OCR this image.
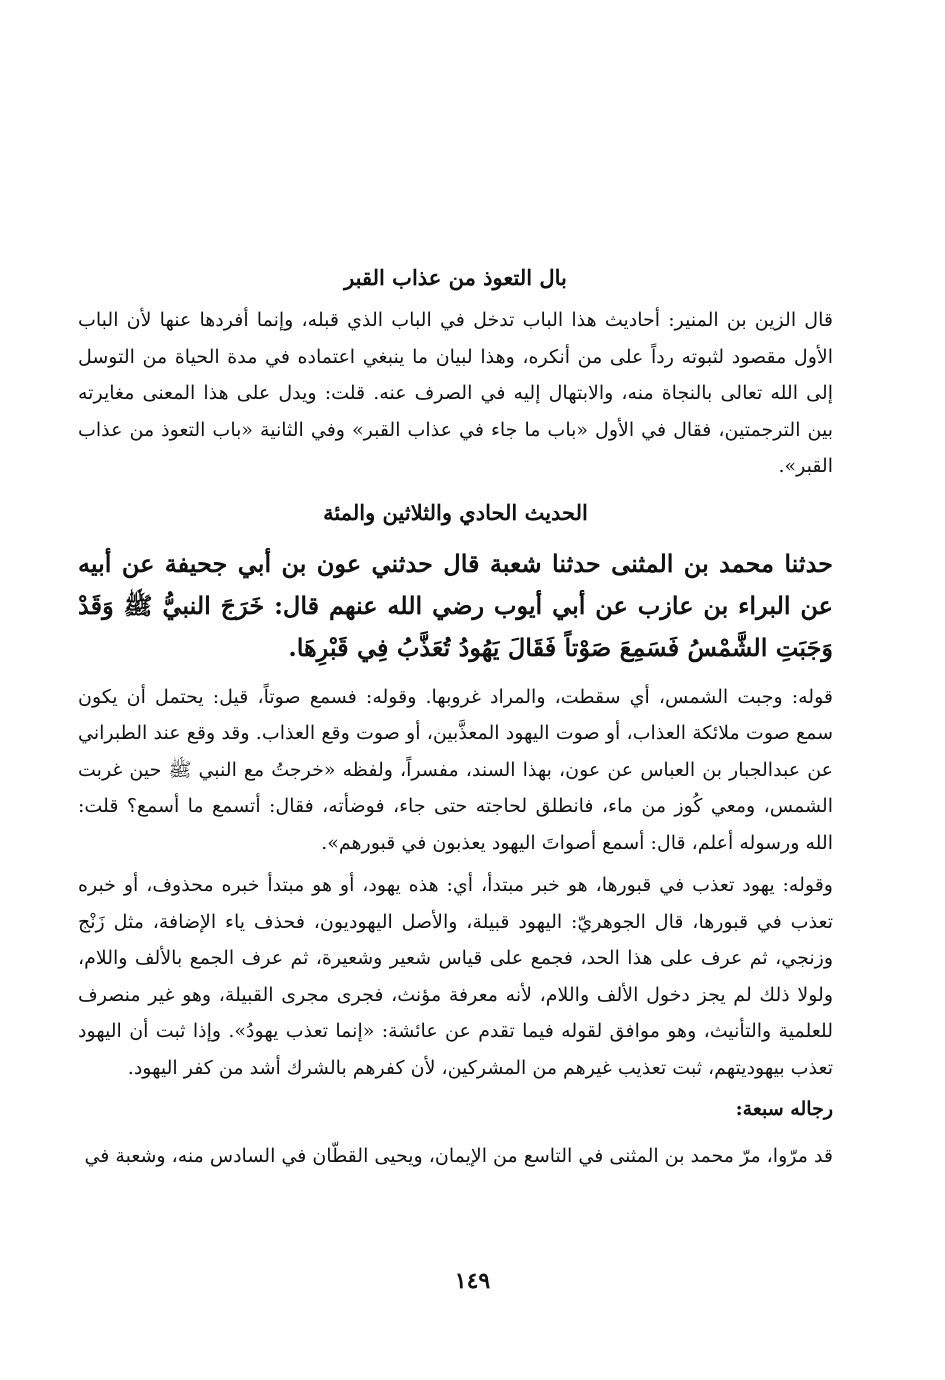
بال التعوذ من عذاب القبر

قال الزين بن المنير: أحاديث هذا الباب تدخل في الباب الذي قبله، وإنما أفردها عنها لأن الباب الأول مقصود لثبوته رداً على من أنكره، وهذا لبيان ما ينبغي اعتماده في مدة الحياة من التوسل إلى الله تعالى بالنجاة منه، والابتهال إليه في الصرف عنه. قلت: ويدل على هذا المعنى مغايرته بين الترجمتين، فقال في الأول «باب ما جاء في عذاب القبر» وفي الثانية «باب التعوذ من عذاب القبر».

الحديث الحادي والثلاثين والمئة

حدثنا محمد بن المثنى حدثنا شعبة قال حدثني عون بن أبي جحيفة عن أبيه عن البراء بن عازب عن أبي أيوب رضي الله عنهم قال: خَرَجَ النبيُّ ﷺ وَقَدْ وَجَبَتِ الشَّمْسُ فَسَمِعَ صَوْتاً فَقَالَ يَهُودُ تُعَذَّبُ فِي قَبْرِهَا.

قوله: وجبت الشمس، أي سقطت، والمراد غروبها. وقوله: فسمع صوتاً، قيل: يحتمل أن يكون سمع صوت ملائكة العذاب، أو صوت اليهود المعذَّبين، أو صوت وقع العذاب. وقد وقع عند الطبراني عن عبدالجبار بن العباس عن عون، بهذا السند، مفسراً، ولفظه «خرجتُ مع النبي ﷺ حين غربت الشمس، ومعي كُوز من ماء، فانطلق لحاجته حتى جاء، فوضأته، فقال: أتسمع ما أسمع؟ قلت: الله ورسوله أعلم، قال: أسمع أصواتَ اليهود يعذبون في قبورهم».

وقوله: يهود تعذب في قبورها، هو خبر مبتدأ، أي: هذه يهود، أو هو مبتدأ خبره محذوف، أو خبره تعذب في قبورها، قال الجوهريّ: اليهود قبيلة، والأصل اليهوديون، فحذف ياء الإضافة، مثل زَنْج وزنجي، ثم عرف على هذا الحد، فجمع على قياس شعير وشعيرة، ثم عرف الجمع بالألف واللام، ولولا ذلك لم يجز دخول الألف واللام، لأنه معرفة مؤنث، فجرى مجرى القبيلة، وهو غير منصرف للعلمية والتأنيث، وهو موافق لقوله فيما تقدم عن عائشة: «إنما تعذب يهودُ». وإذا ثبت أن اليهود تعذب بيهوديتهم، ثبت تعذيب غيرهم من المشركين، لأن كفرهم بالشرك أشد من كفر اليهود.

رجاله سبعة:

قد مرّوا، مرّ محمد بن المثنى في التاسع من الإيمان، ويحيى القطّان في السادس منه، وشعبة في

١٤٩
